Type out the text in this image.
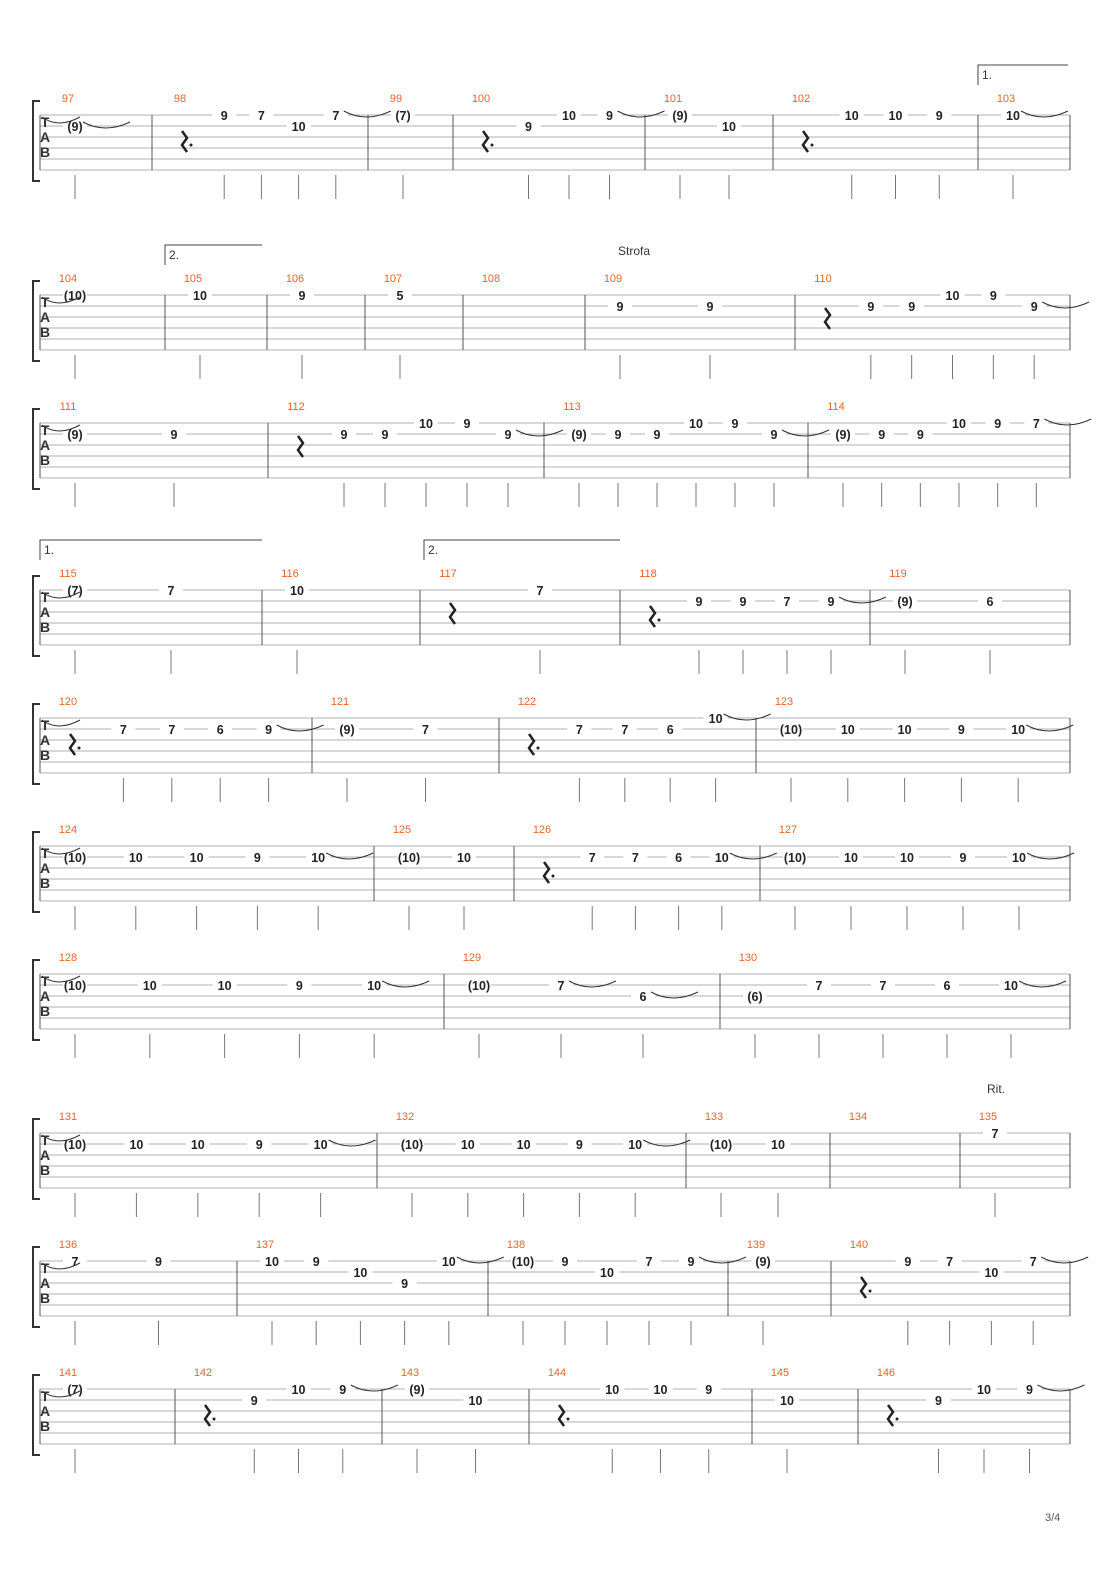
T
A
B
1.
97
(9)
98
9 7
10
7
99
(7)
100
9
10 9
101
(9)
10
102
10 10	9
103
10
T
A
B
2.	Strofa
104
(10)
105
10
106
9
107
5
108	109
9	9
110
9	9
10 9
9
T
A
B
111
(9)	9
112
9	9
10 9
9
113
(9) 9	9
10 9
9
114
(9) 9	9
10 9	7
T
A
B
1.	2.
115
(7)	7
116
10
117
7
118
9	9	7	9
119
(9)	6
T
A
B
120
7	7	6	9
121
(9)	7
122
7	7	6
10
123
(10)	10	10	9	10
T
A
B
124
(10)	10	10	9	10
125
(10)	10
126
7	7	6	10
127
(10)	10	10	9	10
T
A
B
128
(10)	10	10	9	10
129
(10)	7
6
130
(6)
7	7	6	10
T
A
B
Rit.
131
(10)	10	10	9	10
132
(10)	10	10	9	10
133
(10)	10
134	135
7
T
A
B
136
7	9
137
10	9
10
9
10
138
(10) 9
10
7	9
139
(9)
140
9	7
10
7
T
A
B
141
(7)
142
9
10	9
143
(9)
10
144
10	10	9
145
10
146
9
10	9
3/4
